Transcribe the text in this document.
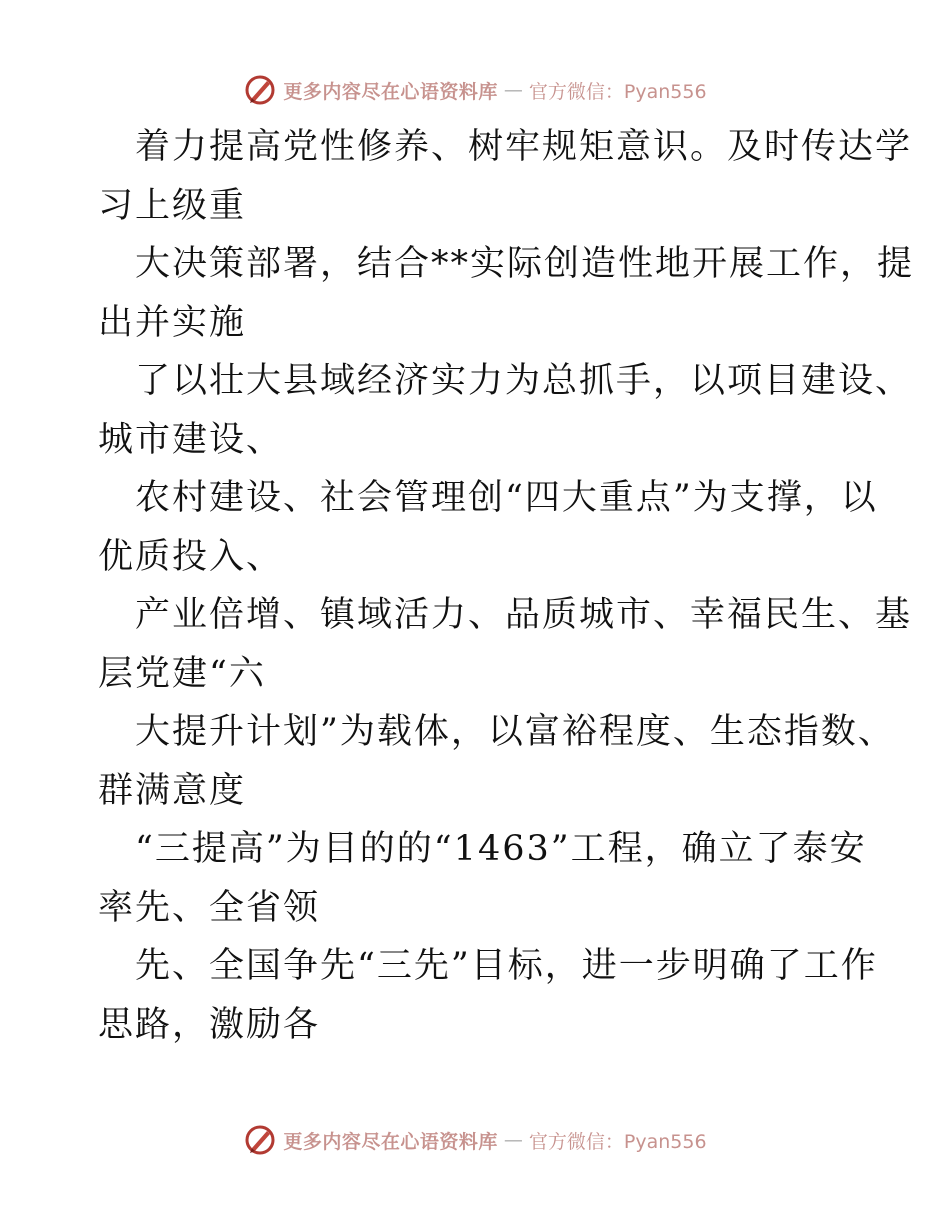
更多内容尽在心语资料库 — 官方微信：Pyan556

着力提高党性修养、树牢规矩意识。及时传达学
习上级重

大决策部署，结合**实际创造性地开展工作，提
出并实施

了以壮大县域经济实力为总抓手，以项目建设、
城市建设、

农村建设、社会管理创“四大重点”为支撑，以
优质投入、

产业倍增、镇域活力、品质城市、幸福民生、基
层党建“六

大提升计划”为载体，以富裕程度、生态指数、
群满意度

“三提高”为目的的“1463”工程，确立了泰安
率先、全省领

先、全国争先“三先”目标，进一步明确了工作
思路，激励各

更多内容尽在心语资料库 — 官方微信：Pyan556
